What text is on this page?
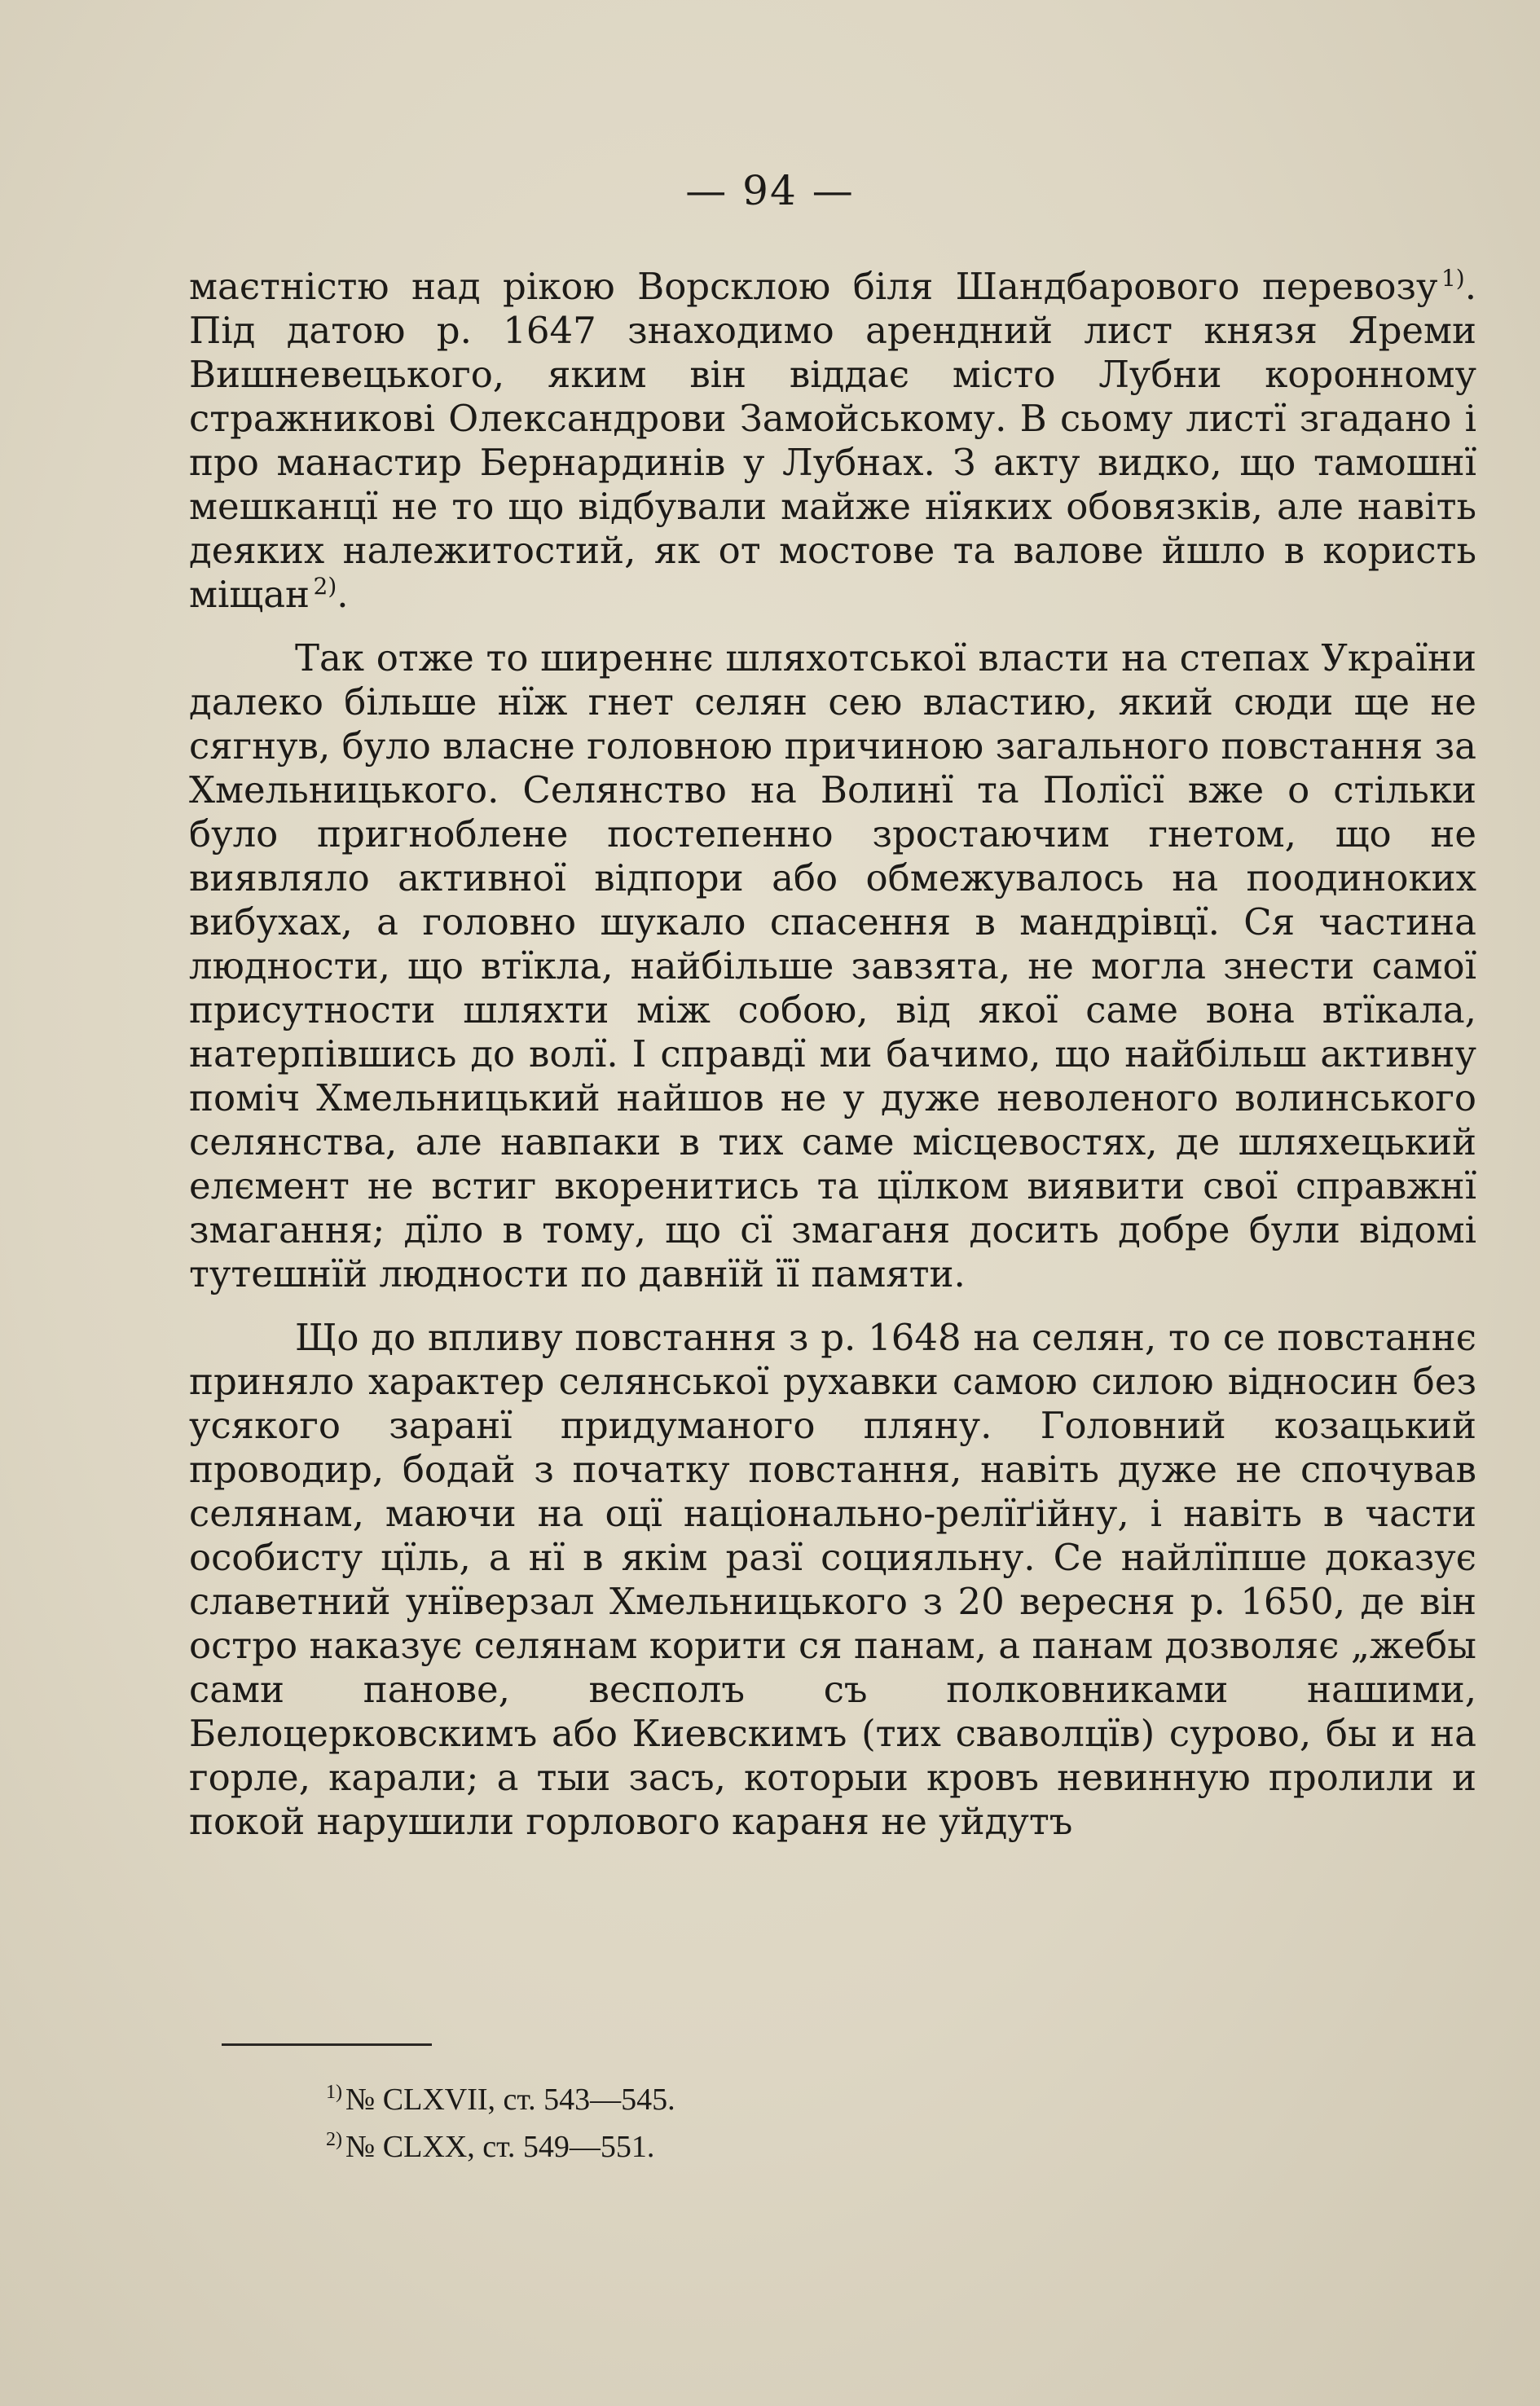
— 94 —

маєтністю над рікою Ворсклою біля Шандбарового перевозу  $^{1)}$. Під датою р. 1647 знаходимо арендний лист князя Яреми Вишневецького, яким він віддає місто Лубни коронному стражникові Олександрови Замойському. В сьому листї згадано і про манастир Бернардинів у Лубнах. З акту видко, що тамошнї мешканцї не то що відбували майже нїяких обовязків, але навіть деяких належитостий, як от мостове та валове йшло в користь міщан  $^{2)}$.

Так отже то ширеннє шляхотської власти на степах України далеко більше нїж гнет селян сею властию, який сюди ще не сягнув, було власне головною причиною загального повстання за Хмельницького. Селянство на Волинї та Полїсї вже о стільки було пригноблене постепенно зростаючим гнетом, що не виявляло активної відпори або обмежувалось на поодиноких вибухах, а головно шукало спасення в мандрівцї. Ся частина людности, що втїкла, найбільше завзята, не могла знести самої присутности шляхти між собою, від якої саме вона втїкала, натерпівшись до волї. І справдї ми бачимо, що найбільш активну поміч Хмельницький найшов не у дуже неволеного волинського селянства, але навпаки в тих саме місцевостях, де шляхецький елємент не встиг вкоренитись та цїлком виявити свої справжнї змагання; дїло в тому, що сї змаганя досить добре були відомі тутешнїй людности по давнїй її памяти.

Що до впливу повстання з р. 1648 на селян, то се повстаннє приняло характер селянської рухавки самою силою відносин без усякого заранї придуманого пляну. Головний козацький проводир, бодай з початку повстання, навіть дуже не спочував селянам, маючи на оцї національно-релїґійну, і навіть в части особисту цїль, а нї в якім разї социяльну. Се найлїпше доказує славетний унїверзал Хмельницького з 20 вересня р. 1650, де він остро наказує селянам корити ся панам, а панам дозволяє „жебы сами панове, весполъ съ полковниками нашими, Белоцерковскимъ або Киевскимъ (тих сваволцїв) сурово, бы и на горле, карали; а тыи засъ, которыи кровъ невинную пролили и покой нарушили горлового караня не уйдутъ

$^{1)}$ № CLXVII, ст. 543—545.
$^{2)}$ № CLXX, ст. 549—551.
